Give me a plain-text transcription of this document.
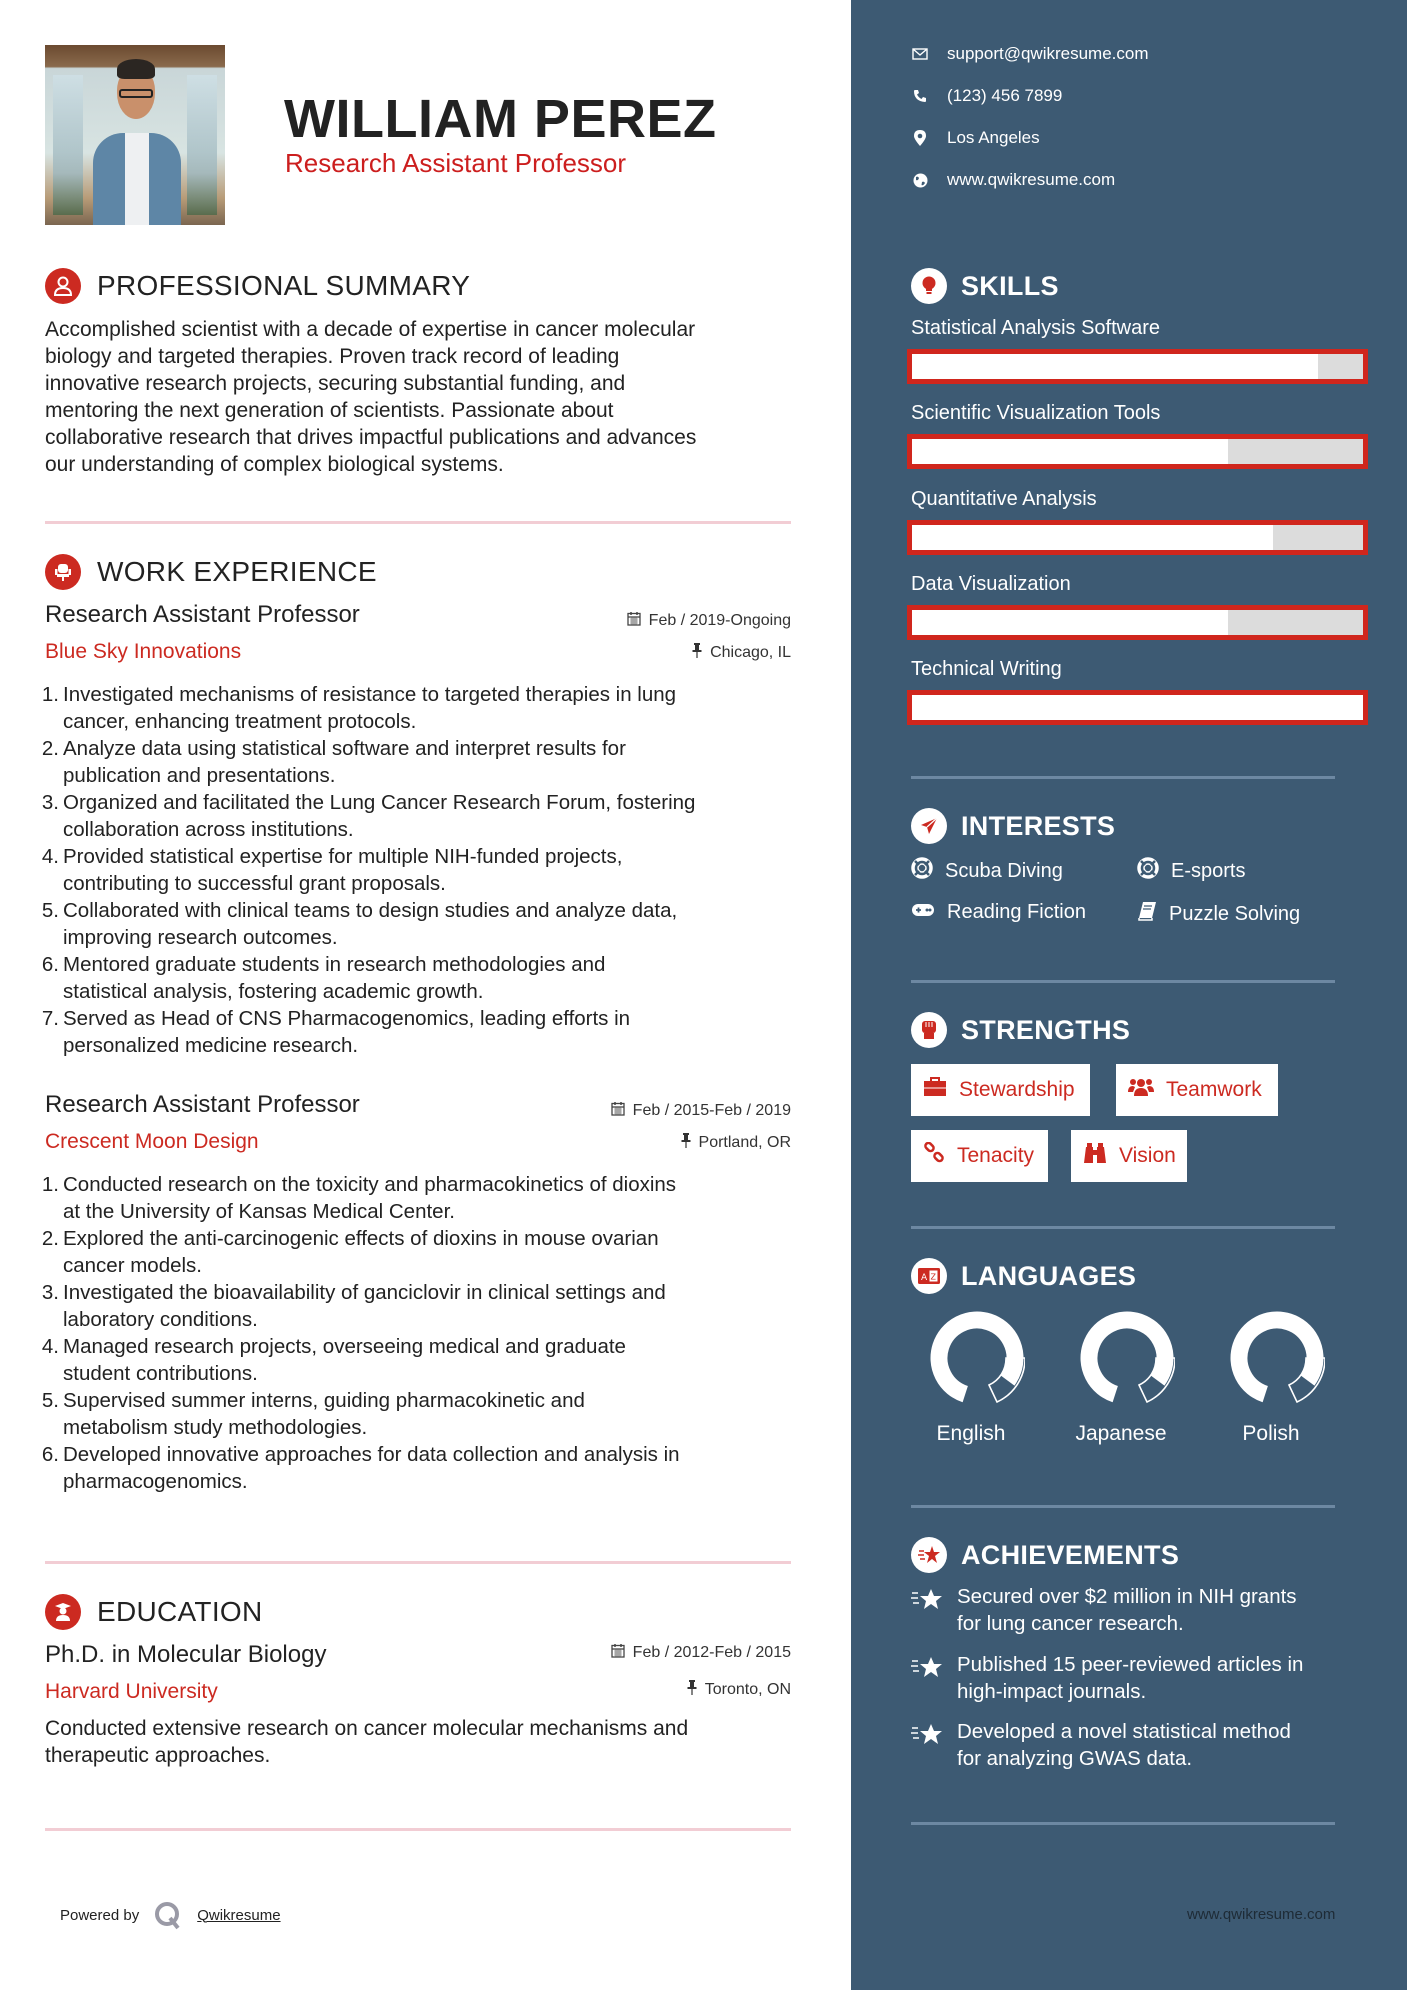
WILLIAM PEREZ
Research Assistant Professor
PROFESSIONAL SUMMARY
Accomplished scientist with a decade of expertise in cancer molecular
biology and targeted therapies. Proven track record of leading
innovative research projects, securing substantial funding, and
mentoring the next generation of scientists. Passionate about
collaborative research that drives impactful publications and advances
our understanding of complex biological systems.
WORK EXPERIENCE
Research Assistant Professor	Feb / 2019-Ongoing
Blue Sky Innovations	Chicago, IL
1. Investigated mechanisms of resistance to targeted therapies in lung
cancer, enhancing treatment protocols.
2. Analyze data using statistical software and interpret results for
publication and presentations.
3. Organized and facilitated the Lung Cancer Research Forum, fostering
collaboration across institutions.
4. Provided statistical expertise for multiple NIH-funded projects,
contributing to successful grant proposals.
5. Collaborated with clinical teams to design studies and analyze data,
improving research outcomes.
6. Mentored graduate students in research methodologies and
statistical analysis, fostering academic growth.
7. Served as Head of CNS Pharmacogenomics, leading efforts in
personalized medicine research.
Research Assistant Professor	Feb / 2015-Feb / 2019
Crescent Moon Design	Portland, OR
1. Conducted research on the toxicity and pharmacokinetics of dioxins
at the University of Kansas Medical Center.
2. Explored the anti-carcinogenic effects of dioxins in mouse ovarian
cancer models.
3. Investigated the bioavailability of ganciclovir in clinical settings and
laboratory conditions.
4. Managed research projects, overseeing medical and graduate
student contributions.
5. Supervised summer interns, guiding pharmacokinetic and
metabolism study methodologies.
6. Developed innovative approaches for data collection and analysis in
pharmacogenomics.
EDUCATION
Ph.D. in Molecular Biology	Feb / 2012-Feb / 2015
Harvard University	Toronto, ON
Conducted extensive research on cancer molecular mechanisms and
therapeutic approaches.
Powered by	Qwikresume
support@qwikresume.com
(123) 456 7899
Los Angeles
www.qwikresume.com
SKILLS
Statistical Analysis Software
Scientific Visualization Tools
Quantitative Analysis
Data Visualization
Technical Writing
INTERESTS
Scuba Diving	E-sports
Reading Fiction	Puzzle Solving
STRENGTHS
Stewardship	Teamwork
Tenacity	Vision
A Z LANGUAGES
English	Japanese	Polish
ACHIEVEMENTS
Secured over $2 million in NIH grants
for lung cancer research.
Published 15 peer-reviewed articles in
high-impact journals.
Developed a novel statistical method
for analyzing GWAS data.
www.qwikresume.com
